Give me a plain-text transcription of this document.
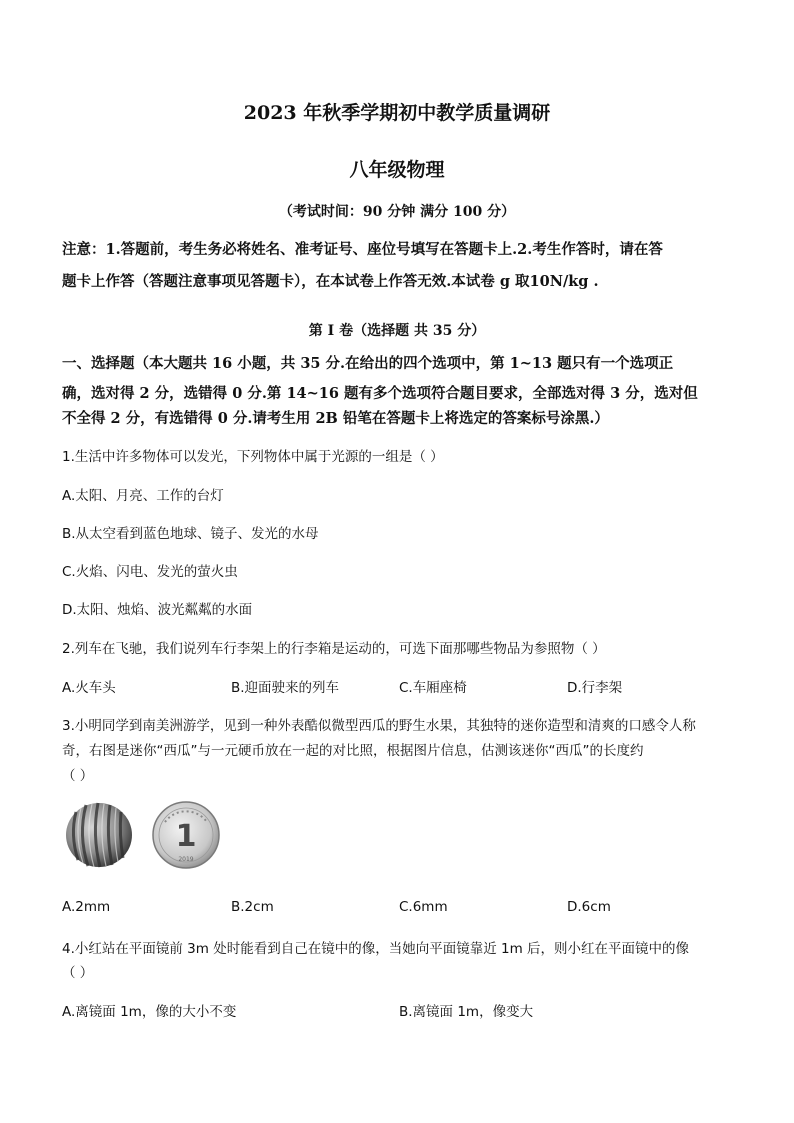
2023 年秋季学期初中教学质量调研
八年级物理
（考试时间：90 分钟 满分 100 分）
注意：1.答题前，考生务必将姓名、准考证号、座位号填写在答题卡上.2.考生作答时，请在答
题卡上作答（答题注意事项见答题卡），在本试卷上作答无效.本试卷 g 取10N/kg .
第 I 卷（选择题 共 35 分）
一、选择题（本大题共 16 小题，共 35 分.在给出的四个选项中，第 1~13 题只有一个选项正
确，选对得 2 分，选错得 0 分.第 14~16 题有多个选项符合题目要求，全部选对得 3 分，选对但
不全得 2 分，有选错得 0 分.请考生用 2B 铅笔在答题卡上将选定的答案标号涂黑.）
1.生活中许多物体可以发光，下列物体中属于光源的一组是（ ）
A.太阳、月亮、工作的台灯
B.从太空看到蓝色地球、镜子、发光的水母
C.火焰、闪电、发光的萤火虫
D.太阳、烛焰、波光粼粼的水面
2.列车在飞驰，我们说列车行李架上的行李箱是运动的，可选下面那哪些物品为参照物（ ）
A.火车头	B.迎面驶来的列车	C.车厢座椅	D.行李架
3.小明同学到南美洲游学，见到一种外表酷似微型西瓜的野生水果，其独特的迷你造型和清爽的口感令人称
奇，右图是迷你“西瓜”与一元硬币放在一起的对比照，根据图片信息，估测该迷你“西瓜”的长度约
（ ）
1
2019
A.2mm	B.2cm	C.6mm	D.6cm
4.小红站在平面镜前 3m 处时能看到自己在镜中的像，当她向平面镜靠近 1m 后，则小红在平面镜中的像
（ ）
A.离镜面 1m，像的大小不变	B.离镜面 1m，像变大
